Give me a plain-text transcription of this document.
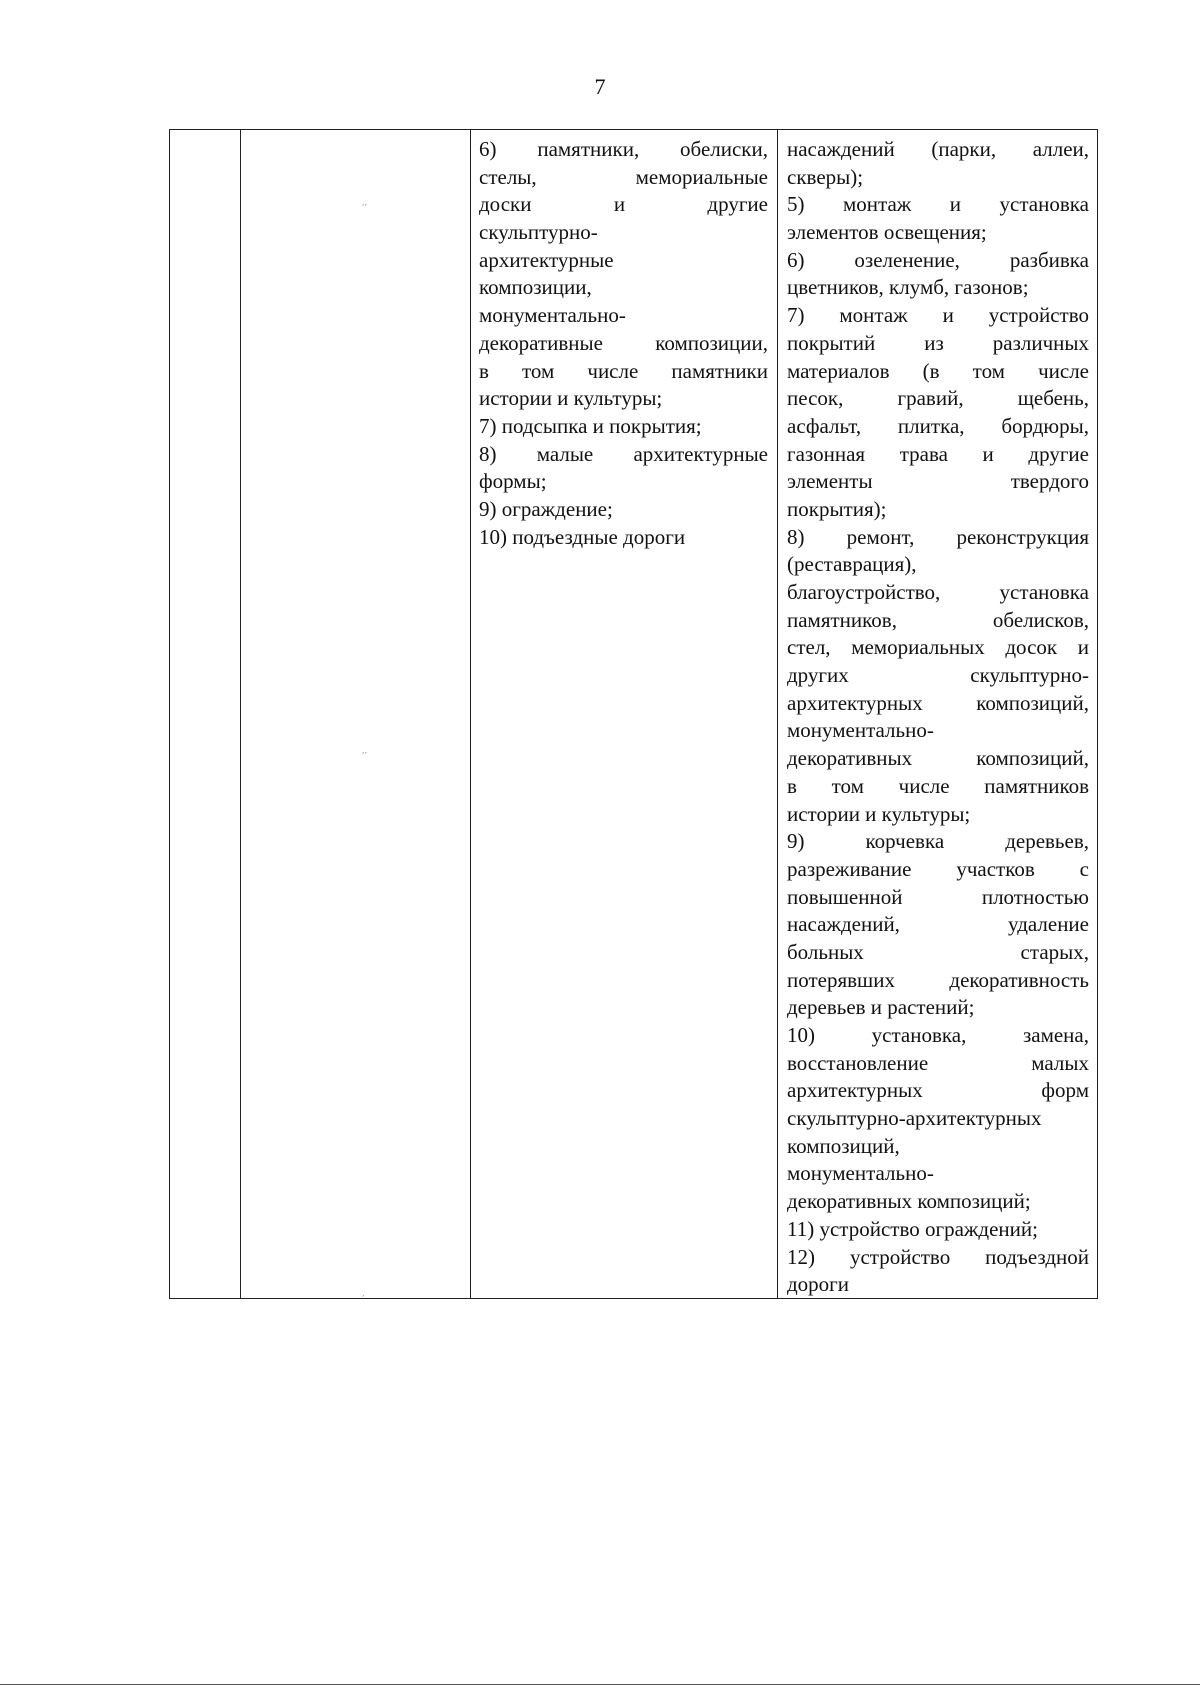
7
6) памятники, обелиски,
стелы, мемориальные
доски и другие
скульптурно-
архитектурные
композиции,
монументально-
декоративные композиции,
в том числе памятники
истории и культуры;
7) подсыпка и покрытия;
8) малые архитектурные
формы;
9) ограждение;
10) подъездные дороги
насаждений (парки, аллеи,
скверы);
5) монтаж и установка
элементов освещения;
6) озеленение, разбивка
цветников, клумб, газонов;
7) монтаж и устройство
покрытий из различных
материалов (в том числе
песок, гравий, щебень,
асфальт, плитка, бордюры,
газонная трава и другие
элементы твердого
покрытия);
8) ремонт, реконструкция
(реставрация),
благоустройство, установка
памятников, обелисков,
стел, мемориальных досок и
других скульптурно-
архитектурных композиций,
монументально-
декоративных композиций,
в том числе памятников
истории и культуры;
9) корчевка деревьев,
разреживание участков с
повышенной плотностью
насаждений, удаление
больных старых,
потерявших декоративность
деревьев и растений;
10) установка, замена,
восстановление малых
архитектурных форм
скульптурно-архитектурных
композиций,
монументально-
декоративных композиций;
11) устройство ограждений;
12) устройство подъездной
дороги
′′
′′
′
